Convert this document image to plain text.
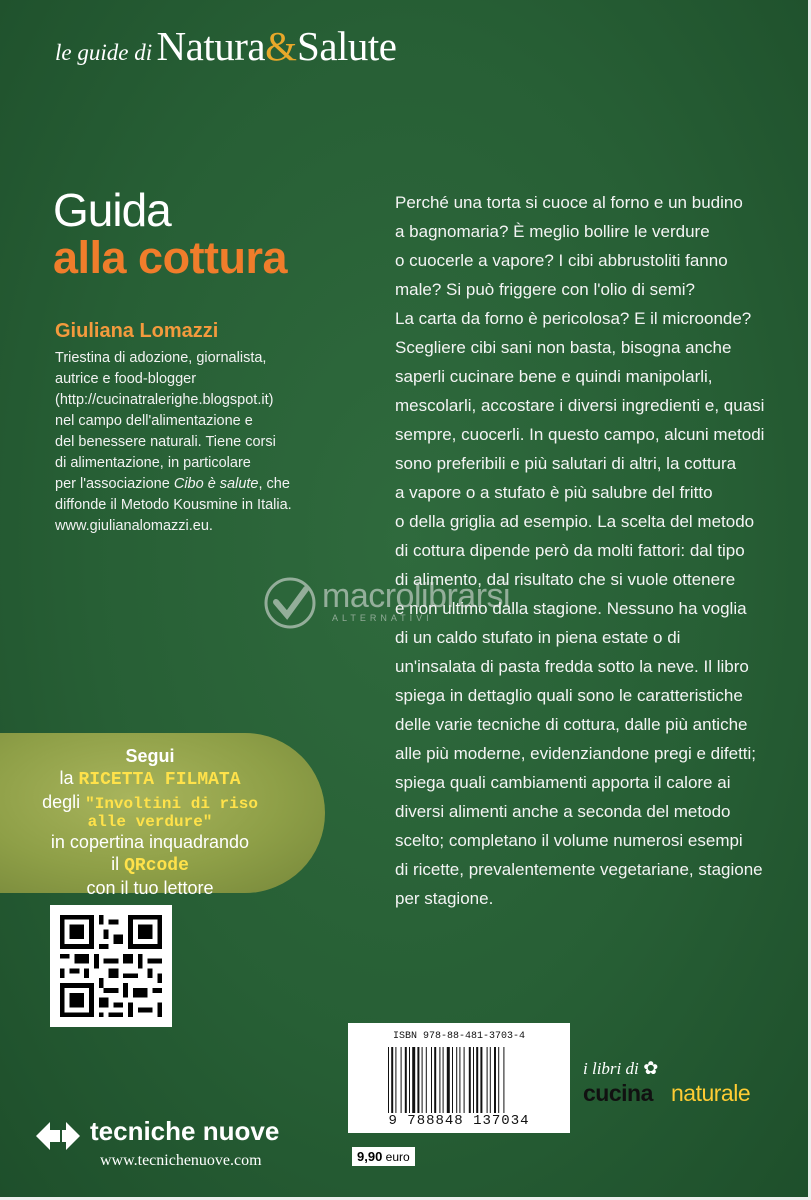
le guide di Natura&Salute
Guida
alla cottura
Giuliana Lomazzi

Triestina di adozione, giornalista,

autrice e food-blogger

(http://cucinatralerighe.blogspot.it)

nel campo dell'alimentazione e

del benessere naturali. Tiene corsi

di alimentazione, in particolare

per l'associazione Cibo è salute, che

diffonde il Metodo Kousmine in Italia.

www.giulianalomazzi.eu.

Perché una torta si cuoce al forno e un budino

a bagnomaria? È meglio bollire le verdure

o cuocerle a vapore? I cibi abbrustoliti fanno

male? Si può friggere con l'olio di semi?

La carta da forno è pericolosa? E il microonde?

Scegliere cibi sani non basta, bisogna anche

saperli cucinare bene e quindi manipolarli,

mescolarli, accostare i diversi ingredienti e, quasi

sempre, cuocerli. In questo campo, alcuni metodi

sono preferibili e più salutari di altri, la cottura

a vapore o a stufato è più salubre del fritto

o della griglia ad esempio. La scelta del metodo

di cottura dipende però da molti fattori: dal tipo

di alimento, dal risultato che si vuole ottenere

e non ultimo dalla stagione. Nessuno ha voglia

di un caldo stufato in piena estate o di

un'insalata di pasta fredda sotto la neve. Il libro

spiega in dettaglio quali sono le caratteristiche

delle varie tecniche di cottura, dalle più antiche

alle più moderne, evidenziandone pregi e difetti;

spiega quali cambiamenti apporta il calore ai

diversi alimenti anche a seconda del metodo

scelto; completano il volume numerosi esempi

di ricette, prevalentemente vegetariane, stagione

per stagione.

macrolibrarsi
ALTERNATIVI
Segui
la RICETTA FILMATA
degli "Involtini di riso
alle verdure"
in copertina inquadrando
il QRcode
con il tuo lettore
tecniche nuove
www.tecnichenuove.com
ISBN 978-88-481-3703-4
9 788848 137034
9,90 euro
i libri di ✿
cucina naturale
